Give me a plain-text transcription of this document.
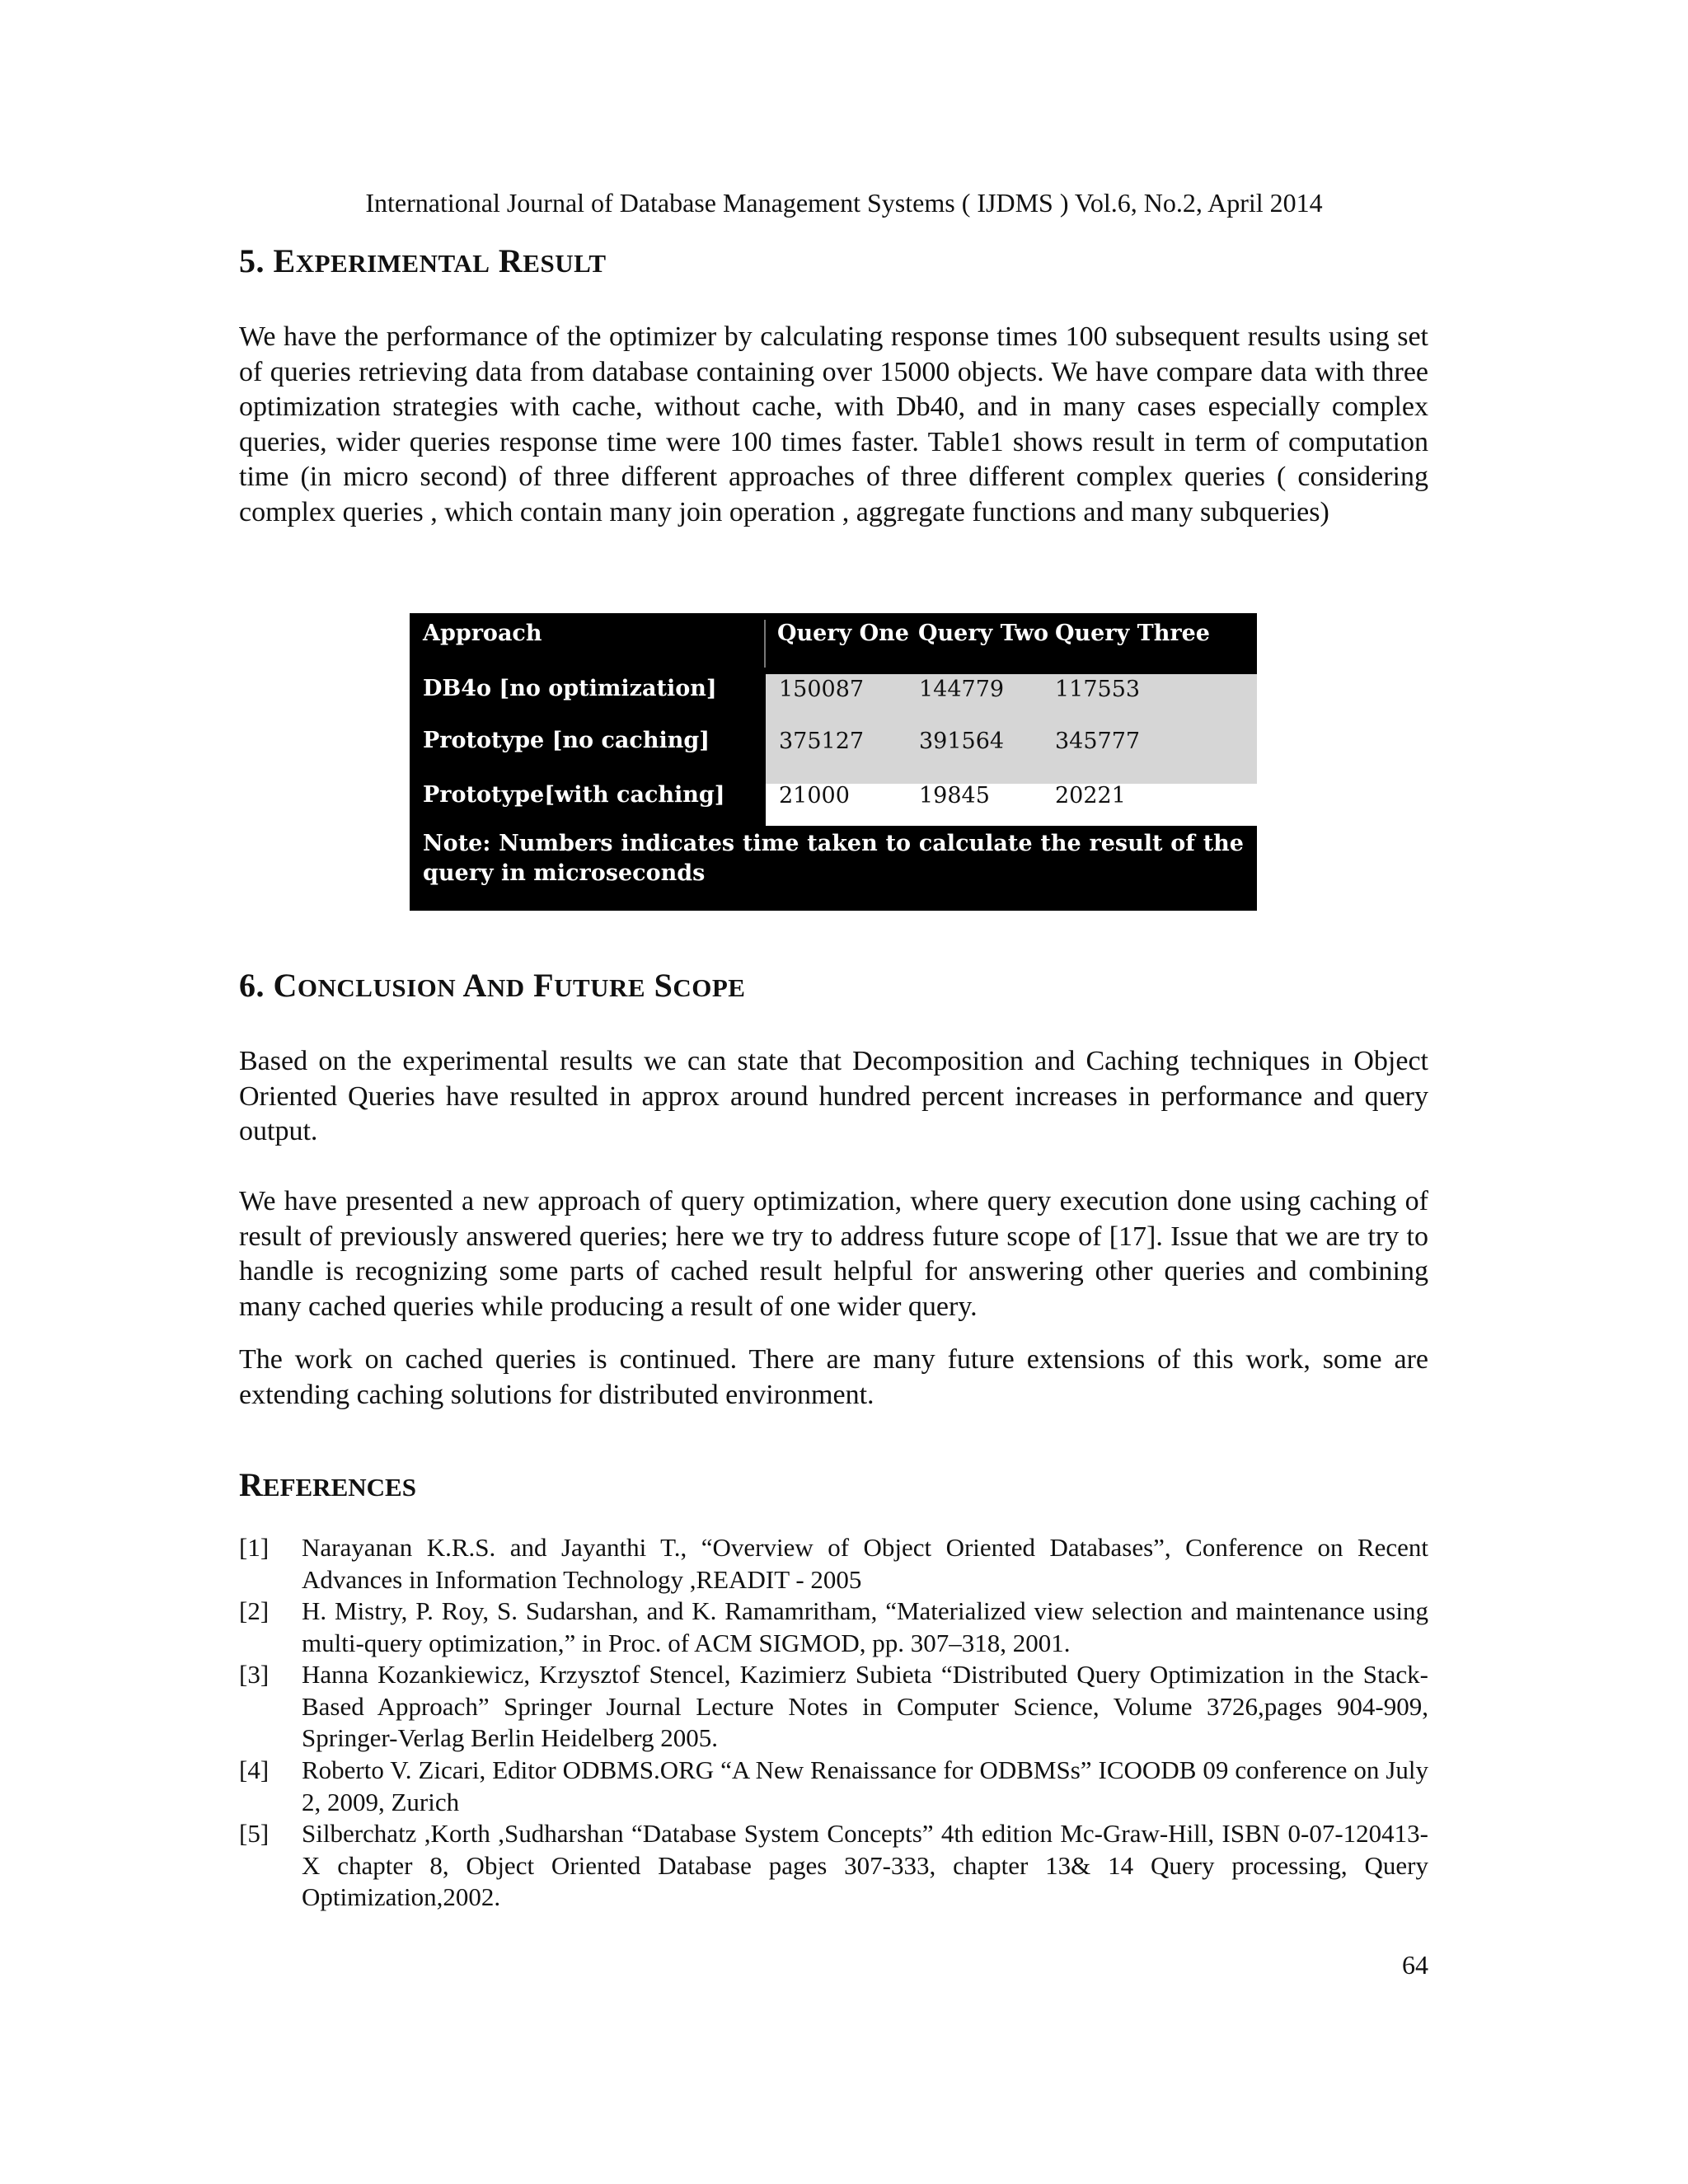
International Journal of Database Management Systems ( IJDMS ) Vol.6, No.2, April 2014
5. EXPERIMENTAL RESULT

We have the performance of the optimizer by calculating response times 100 subsequent results using set of queries retrieving data from database containing over 15000 objects. We have compare data with three optimization strategies with cache, without cache, with Db40, and in many cases especially complex queries, wider queries response time were 100 times faster. Table1 shows result in term of computation time (in micro second) of three different approaches of three different complex queries ( considering complex queries , which contain many join operation , aggregate functions and many subqueries)

Approach	Query One Query Two Query Three
DB4o [no optimization]	150087 144779 117553
Prototype [no caching]	375127 391564 345777
Prototype[with caching] 21000	19845	20221
Note: Numbers indicates time taken to calculate the result of the query in microseconds
6. CONCLUSION AND FUTURE SCOPE

Based on the experimental results we can state that Decomposition and Caching techniques in Object Oriented Queries have resulted in approx around hundred percent increases in performance and query output.

We have presented a new approach of query optimization, where query execution done using caching of result of previously answered queries; here we try to address future scope of [17]. Issue that we are try to handle is recognizing some parts of cached result helpful for answering other queries and combining many cached queries while producing a result of one wider query.

The work on cached queries is continued. There are many future extensions of this work, some are extending caching solutions for distributed environment.

REFERENCES
[1] Narayanan K.R.S. and Jayanthi T., “Overview of Object Oriented Databases”, Conference on Recent Advances in Information Technology ,READIT - 2005
[2] H. Mistry, P. Roy, S. Sudarshan, and K. Ramamritham, “Materialized view selection and maintenance using multi-query optimization,” in Proc. of ACM SIGMOD, pp. 307–318, 2001.
[3] Hanna Kozankiewicz, Krzysztof Stencel, Kazimierz Subieta “Distributed Query Optimization in the Stack-Based Approach” Springer Journal Lecture Notes in Computer Science, Volume 3726,pages 904-909, Springer-Verlag Berlin Heidelberg 2005.
[4] Roberto V. Zicari, Editor ODBMS.ORG “A New Renaissance for ODBMSs” ICOODB 09 conference on July 2, 2009, Zurich
[5] Silberchatz ,Korth ,Sudharshan “Database System Concepts” 4th edition Mc-Graw-Hill, ISBN 0-07-120413-X chapter 8, Object Oriented Database pages 307-333, chapter 13& 14 Query processing, Query Optimization,2002.
64
